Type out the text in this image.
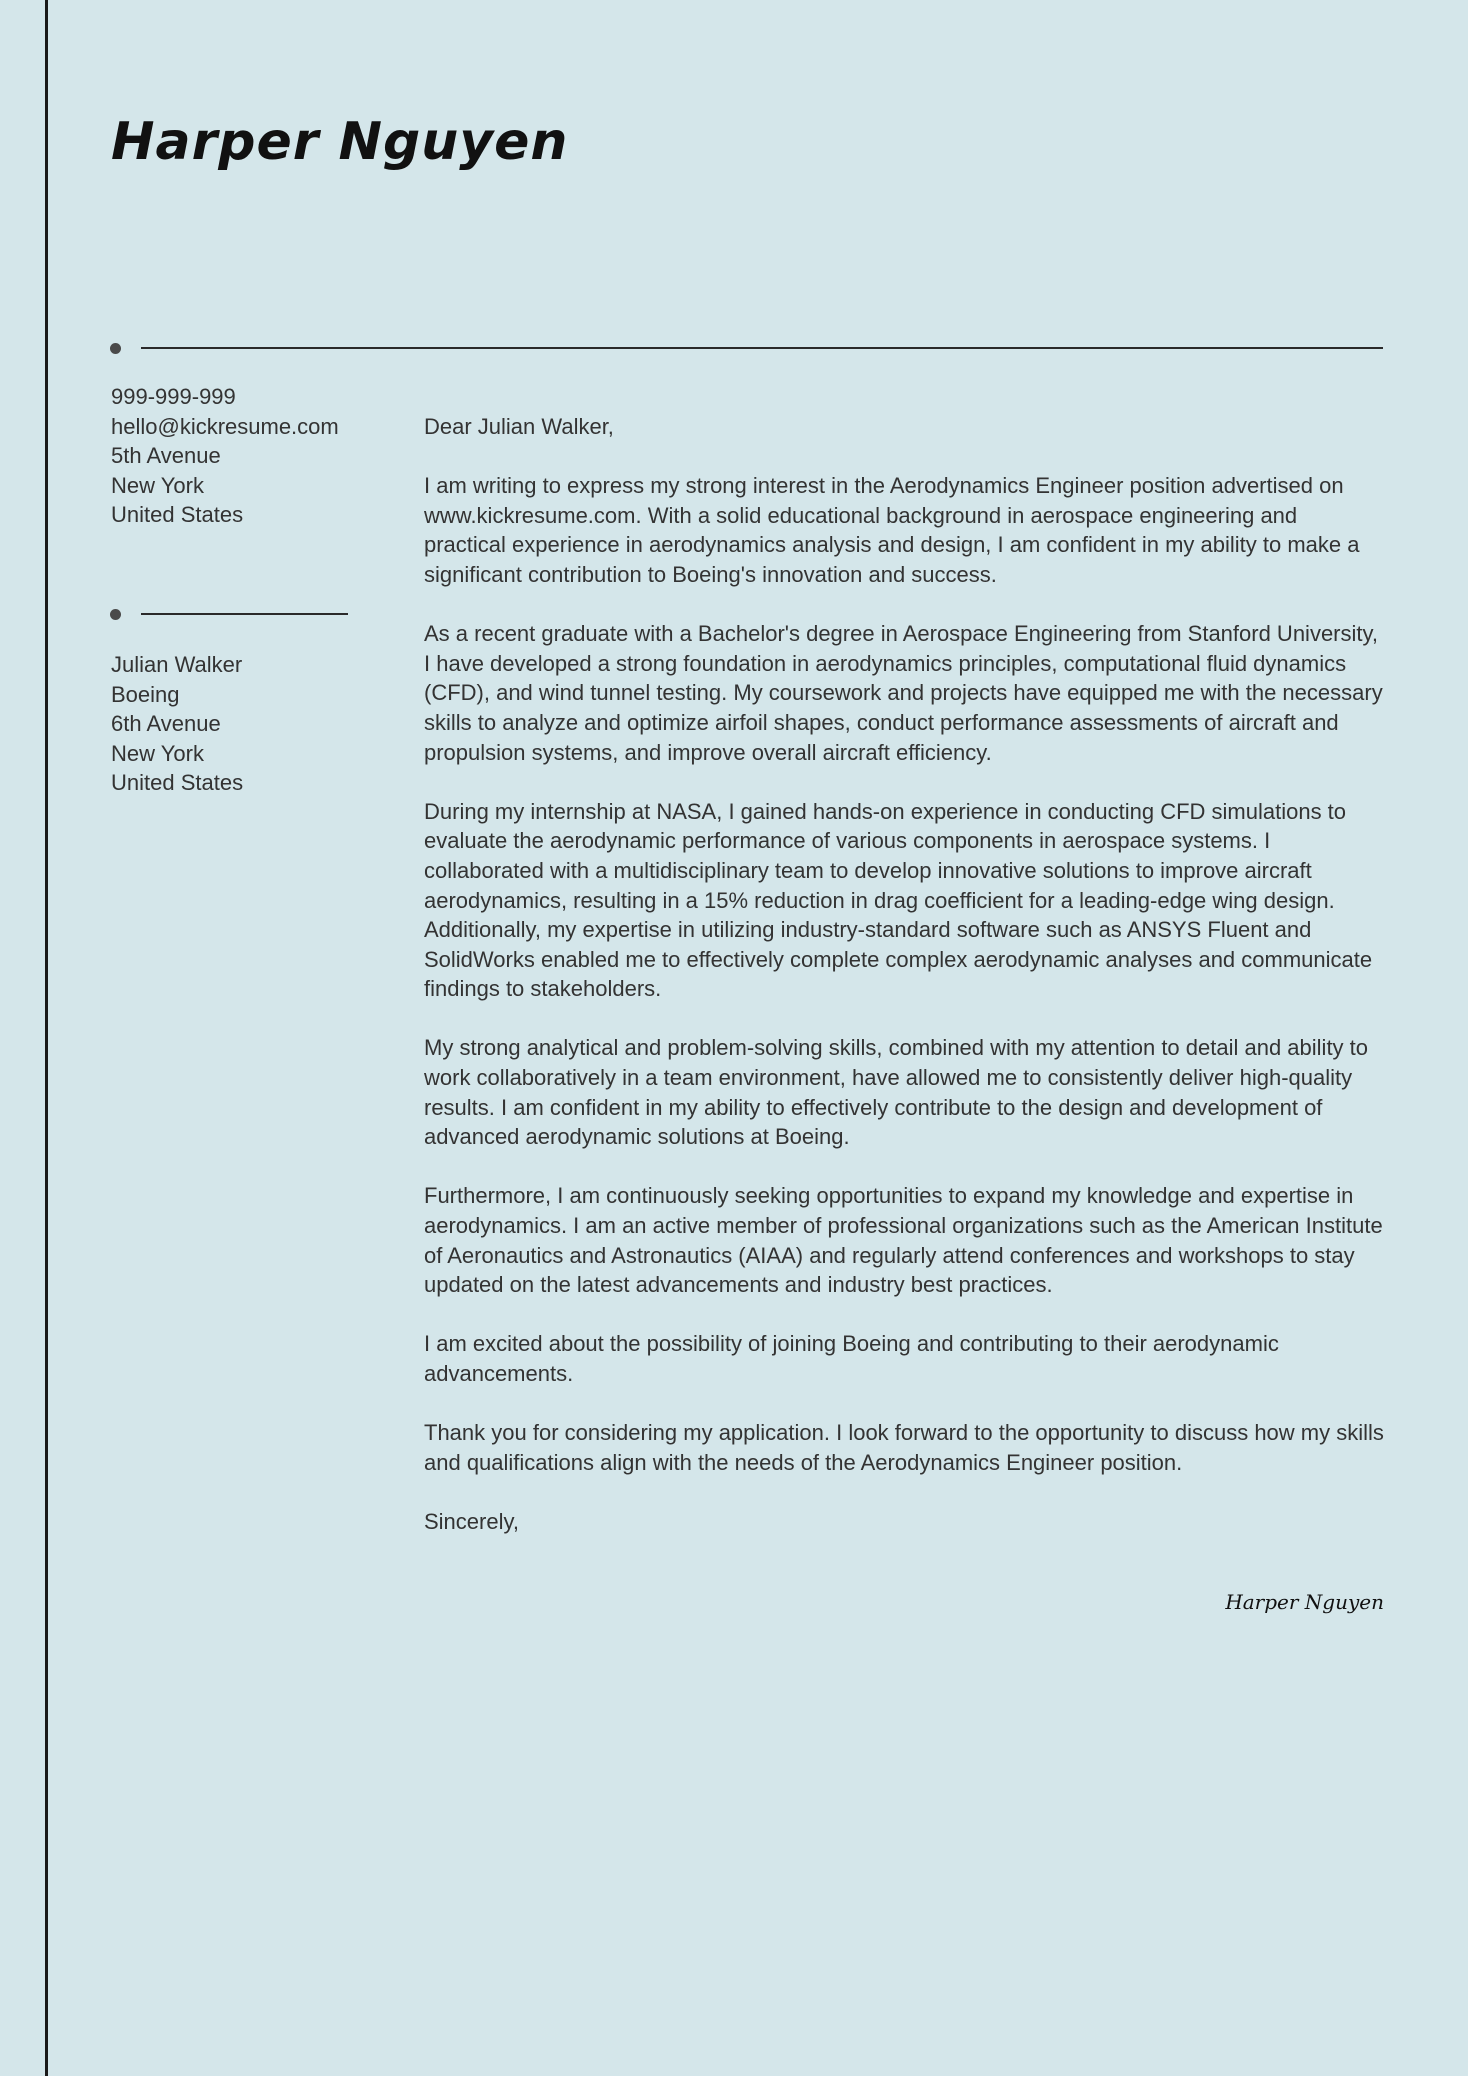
Harper Nguyen
999-999-999
hello@kickresume.com
5th Avenue
New York
United States
Julian Walker
Boeing
6th Avenue
New York
United States

Dear Julian Walker,

I am writing to express my strong interest in the Aerodynamics Engineer position advertised on www.kickresume.com. With a solid educational background in aerospace engineering and practical experience in aerodynamics analysis and design, I am confident in my ability to make a significant contribution to Boeing's innovation and success.

As a recent graduate with a Bachelor's degree in Aerospace Engineering from Stanford University, I have developed a strong foundation in aerodynamics principles, computational fluid dynamics (CFD), and wind tunnel testing. My coursework and projects have equipped me with the necessary skills to analyze and optimize airfoil shapes, conduct performance assessments of aircraft and propulsion systems, and improve overall aircraft efficiency.

During my internship at NASA, I gained hands-on experience in conducting CFD simulations to evaluate the aerodynamic performance of various components in aerospace systems. I collaborated with a multidisciplinary team to develop innovative solutions to improve aircraft aerodynamics, resulting in a 15% reduction in drag coefficient for a leading-edge wing design. Additionally, my expertise in utilizing industry-standard software such as ANSYS Fluent and SolidWorks enabled me to effectively complete complex aerodynamic analyses and communicate findings to stakeholders.

My strong analytical and problem-solving skills, combined with my attention to detail and ability to work collaboratively in a team environment, have allowed me to consistently deliver high-quality results. I am confident in my ability to effectively contribute to the design and development of advanced aerodynamic solutions at Boeing.

Furthermore, I am continuously seeking opportunities to expand my knowledge and expertise in aerodynamics. I am an active member of professional organizations such as the American Institute of Aeronautics and Astronautics (AIAA) and regularly attend conferences and workshops to stay updated on the latest advancements and industry best practices.

I am excited about the possibility of joining Boeing and contributing to their aerodynamic advancements.

Thank you for considering my application. I look forward to the opportunity to discuss how my skills and qualifications align with the needs of the Aerodynamics Engineer position.

Sincerely,

Harper Nguyen
